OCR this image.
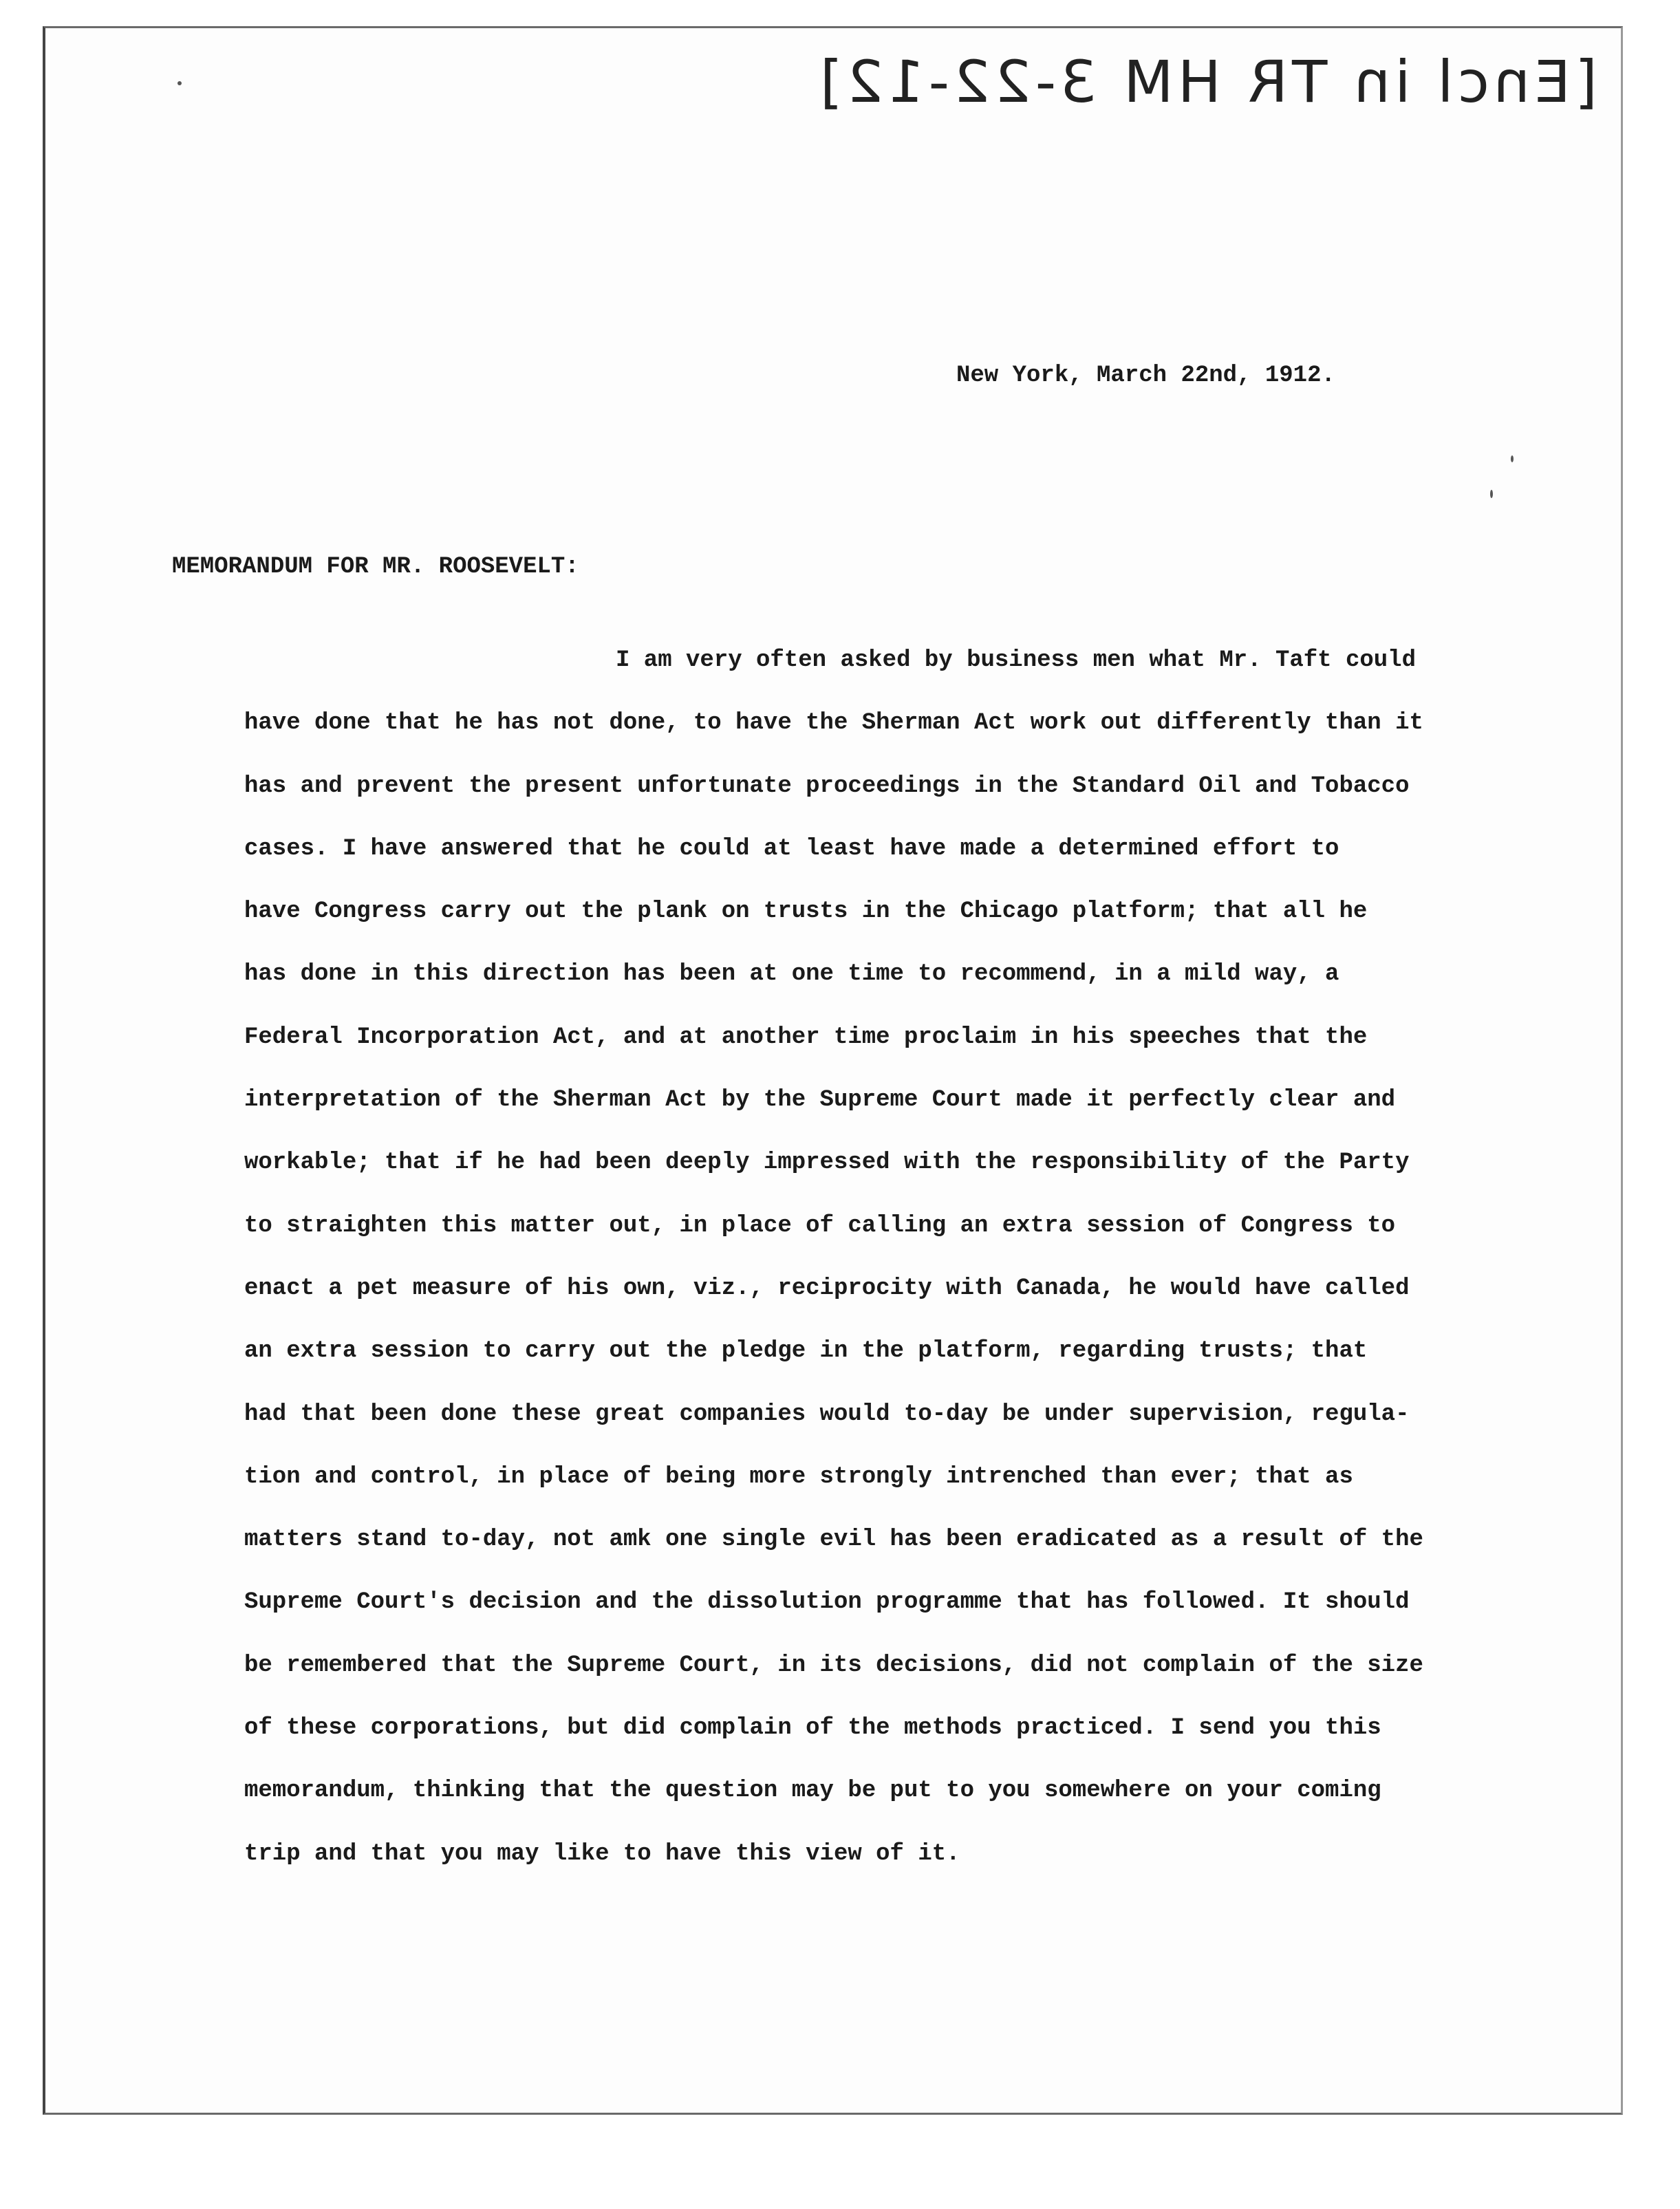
[Encl in TR HM 3-22-12]
New York, March 22nd, 1912.
MEMORANDUM FOR MR. ROOSEVELT:
I am very often asked by business men what Mr. Taft could
have done that he has not done, to have the Sherman Act work out differently than it
has and prevent the present unfortunate proceedings in the Standard Oil and Tobacco
cases. I have answered that he could at least have made a determined effort to
have Congress carry out the plank on trusts in the Chicago platform; that all he
has done in this direction has been at one time to recommend, in a mild way, a
Federal Incorporation Act, and at another time proclaim in his speeches that the
interpretation of the Sherman Act by the Supreme Court made it perfectly clear and
workable; that if he had been deeply impressed with the responsibility of the Party
to straighten this matter out, in place of calling an extra session of Congress to
enact a pet measure of his own, viz., reciprocity with Canada, he would have called
an extra session to carry out the pledge in the platform, regarding trusts; that
had that been done these great companies would to-day be under supervision, regula-
tion and control, in place of being more strongly intrenched than ever; that as
matters stand to-day, not amk one single evil has been eradicated as a result of the
Supreme Court's decision and the dissolution programme that has followed. It should
be remembered that the Supreme Court, in its decisions, did not complain of the size
of these corporations, but did complain of the methods practiced. I send you this
memorandum, thinking that the question may be put to you somewhere on your coming
trip and that you may like to have this view of it.
